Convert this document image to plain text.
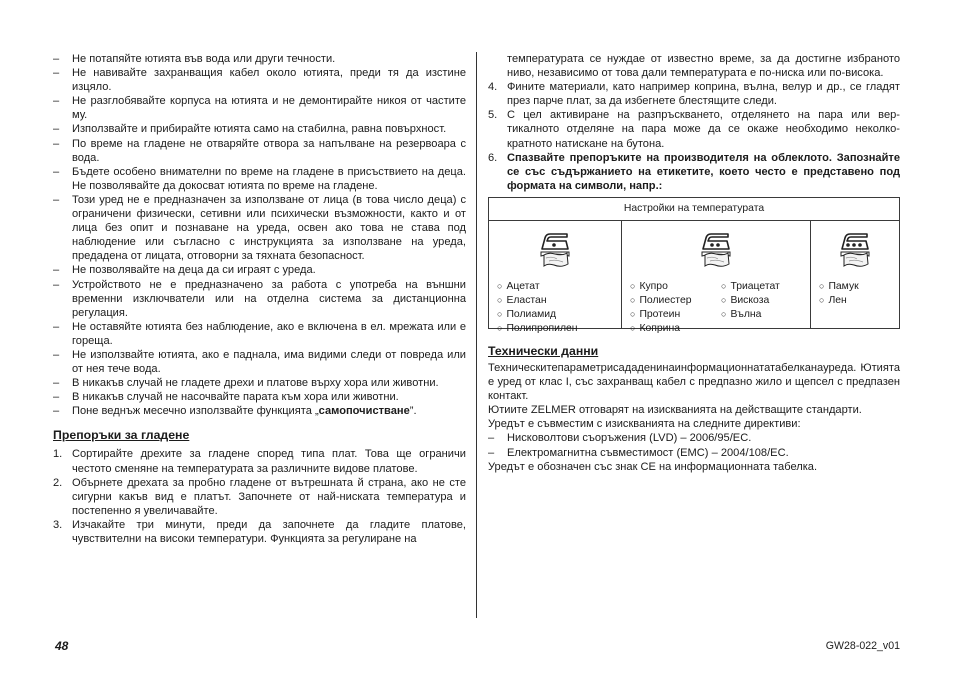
– Не потапяйте ютията във вода или други течности.
– Не навивайте захранващия кабел около ютията, преди тя да изстине изцяло.
– Не разглобявайте корпуса на ютията и не демонтирайте никоя от частите му.
– Използвайте и прибирайте ютията само на стабилна, равна повърхност.
– По време на гладене не отваряйте отвора за напълване на резервоара с вода.
– Бъдете особено внимателни по време на гладене в присъствието на деца. Не позволявайте да докосват ютията по време на гладене.
– Този уред не е предназначен за използване от лица (в това число деца) с ограничени физически, сетивни или психически възможности, както и от лица без опит и познаване на уреда, освен ако това не става под наблюдение или съгласно с инструкцията за използване на уреда, предадена от лицата, отговорни за тяхната безопасност.
– Не позволявайте на деца да си играят с уреда.
– Устройството не е предназначено за работа с употреба на външни временни изключватели или на отделна система за дистанционна регулация.
– Не оставяйте ютията без наблюдение, ако е включена в ел. мрежата или е гореща.
– Не използвайте ютията, ако е паднала, има видими следи от повреда или от нея тече вода.
– В никакъв случай не гладете дрехи и платове върху хора или животни.
– В никакъв случай не насочвайте парата към хора или животни.
– Поне веднъж месечно използвайте функцията „самопочистване”.
Препоръки за гладене
1. Сортирайте дрехите за гладене според типа плат. Това ще ограничи честото сменяне на температурата за различните видове платове.
2. Обърнете дрехата за пробно гладене от вътрешната й страна, ако не сте сигурни какъв вид е платът. Започнете от най-ниската температура и постепенно я увеличавайте.
3. Изчакайте три минути, преди да започнете да гладите платове, чувствителни на високи температури. Функцията за регулиране на
температурата се нуждае от известно време, за да достигне избраното ниво, независимо от това дали температурата е по-ниска или по-висока.
4. Фините материали, като например коприна, вълна, велур и др., се гладят през парче плат, за да избегнете блестящите следи.
5. С цел активиране на разпръскването, отделянето на пара или вертикалното отделяне на пара може да се окаже необходимо неколкократното натискане на бутона.
6. Спазвайте препоръките на производителя на облеклото. Запознайте се със съдържанието на етикетите, което често е представено под формата на символи, напр.:
Настройки на температурата

○ Ацетат
○ Еластан
○ Полиамид
○ Полипропилен

○ Купро
○ Полиестер
○ Протеин
○ Коприна
○ Триацетат
○ Вискоза
○ Вълна

○ Памук
○ Лен
Технически данни
Техническитепараметрисададенинаинформационнататабелканауреда. Ютията е уред от клас I, със захранващ кабел с предпазно жило и щепсел с предпазен контакт.
Ютиите ZELMER отговарят на изискванията на действащите стандарти.
Уредът е съвместим с изискванията на следните директиви:
– Нисковолтови съоръжения (LVD) – 2006/95/EC.
– Електромагнитна съвместимост (EMC) – 2004/108/EC.
Уредът е обозначен със знак CE на информационната табелка.
48	GW28-022_v01
